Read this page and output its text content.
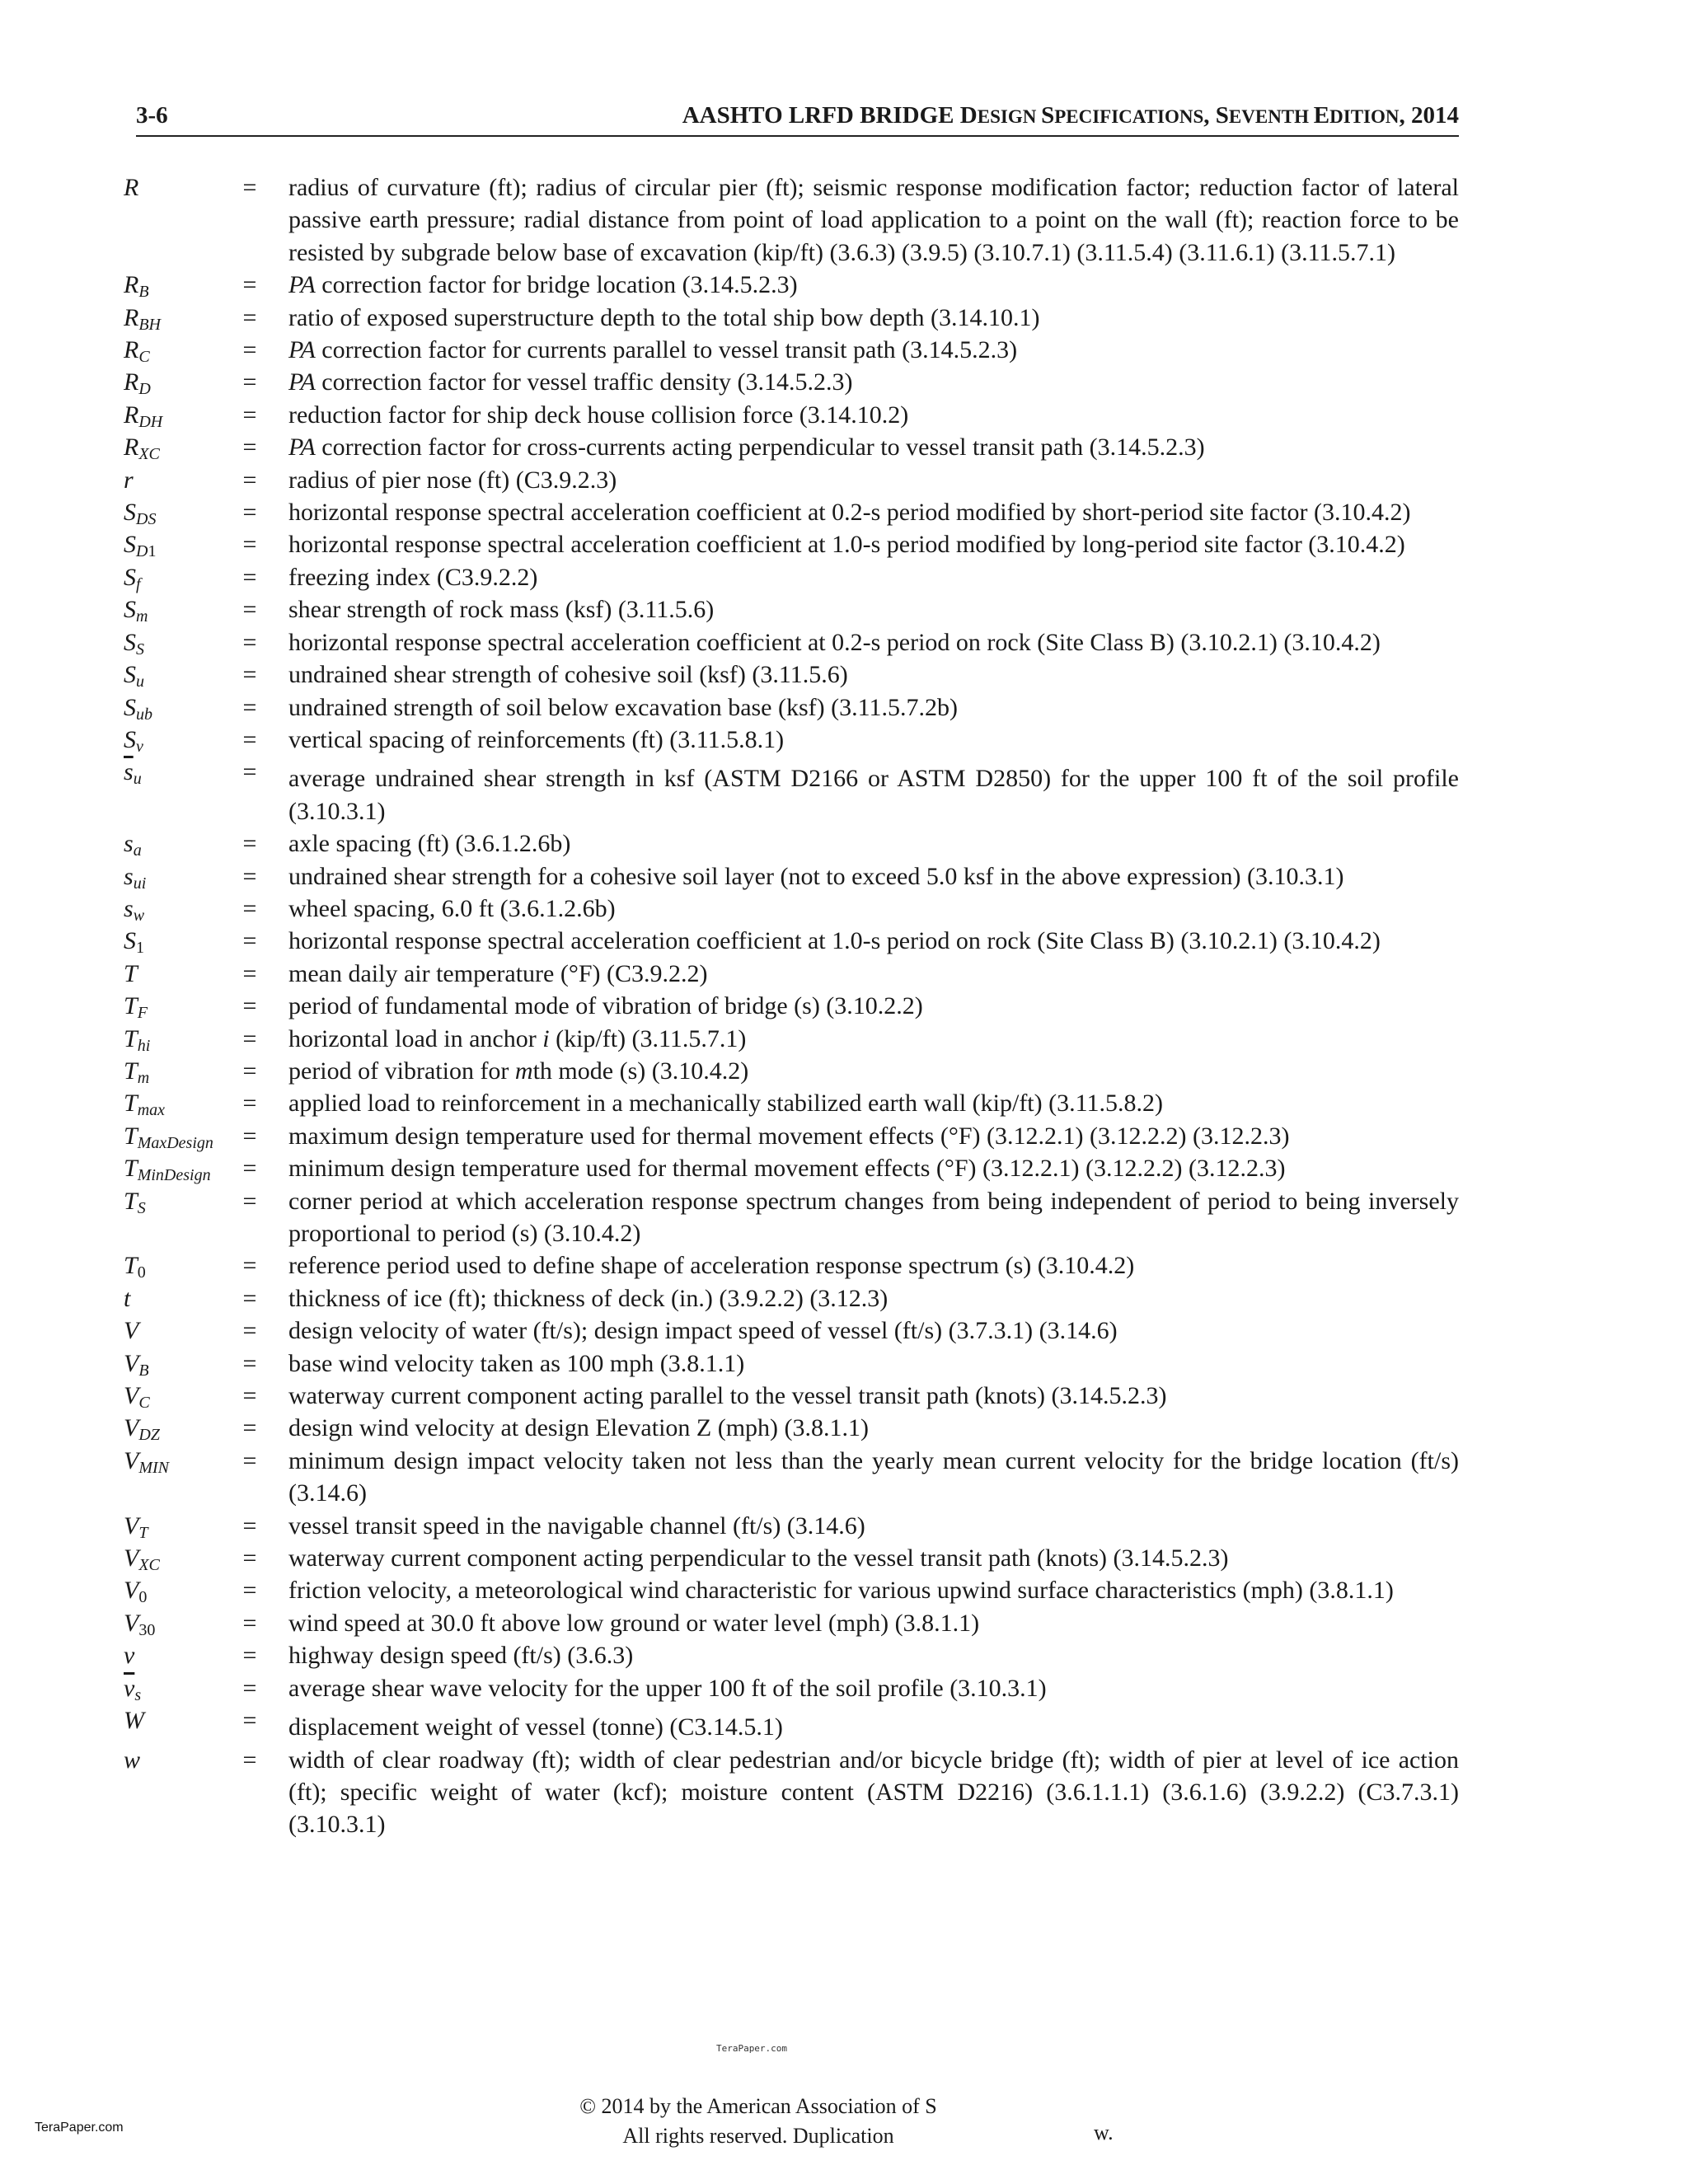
3-6	AASHTO LRFD BRIDGE DESIGN SPECIFICATIONS, SEVENTH EDITION, 2014
R	= radius of curvature (ft); radius of circular pier (ft); seismic response modification factor; reduction factor of lateral passive earth pressure; radial distance from point of load application to a point on the wall (ft); reaction force to be resisted by subgrade below base of excavation (kip/ft) (3.6.3) (3.9.5) (3.10.7.1) (3.11.5.4) (3.11.6.1) (3.11.5.7.1)
$R_B$	= PA correction factor for bridge location (3.14.5.2.3)
$R_{BH}$	= ratio of exposed superstructure depth to the total ship bow depth (3.14.10.1)
$R_C$	= PA correction factor for currents parallel to vessel transit path (3.14.5.2.3)
$R_D$	= PA correction factor for vessel traffic density (3.14.5.2.3)
$R_{DH}$	= reduction factor for ship deck house collision force (3.14.10.2)
$R_{XC}$	= PA correction factor for cross-currents acting perpendicular to vessel transit path (3.14.5.2.3)
r	= radius of pier nose (ft) (C3.9.2.3)
$S_{DS}$	= horizontal response spectral acceleration coefficient at 0.2-s period modified by short-period site factor (3.10.4.2)
$S_{D1}$	= horizontal response spectral acceleration coefficient at 1.0-s period modified by long-period site factor (3.10.4.2)
$S_f$	= freezing index (C3.9.2.2)
$S_m$	= shear strength of rock mass (ksf) (3.11.5.6)
$S_S$	= horizontal response spectral acceleration coefficient at 0.2-s period on rock (Site Class B) (3.10.2.1) (3.10.4.2)
$S_u$	= undrained shear strength of cohesive soil (ksf) (3.11.5.6)
$S_{ub}$	= undrained strength of soil below excavation base (ksf) (3.11.5.7.2b)
$S_v$	= vertical spacing of reinforcements (ft) (3.11.5.8.1)
$\overline{s}_u$	= average undrained shear strength in ksf (ASTM D2166 or ASTM D2850) for the upper 100 ft of the soil profile (3.10.3.1)
$s_a$	= axle spacing (ft) (3.6.1.2.6b)
$s_{ui}$	= undrained shear strength for a cohesive soil layer (not to exceed 5.0 ksf in the above expression) (3.10.3.1)
$s_w$	= wheel spacing, 6.0 ft (3.6.1.2.6b)
$S_1$	= horizontal response spectral acceleration coefficient at 1.0-s period on rock (Site Class B) (3.10.2.1) (3.10.4.2)
T	= mean daily air temperature (°F) (C3.9.2.2)
$T_F$	= period of fundamental mode of vibration of bridge (s) (3.10.2.2)
$T_{hi}$	= horizontal load in anchor i (kip/ft) (3.11.5.7.1)
$T_m$	= period of vibration for mth mode (s) (3.10.4.2)
$T_{max}$	= applied load to reinforcement in a mechanically stabilized earth wall (kip/ft) (3.11.5.8.2)
$T_{MaxDesign}$	= maximum design temperature used for thermal movement effects (°F) (3.12.2.1) (3.12.2.2) (3.12.2.3)
$T_{MinDesign}$	= minimum design temperature used for thermal movement effects (°F) (3.12.2.1) (3.12.2.2) (3.12.2.3)
$T_S$	= corner period at which acceleration response spectrum changes from being independent of period to being inversely proportional to period (s) (3.10.4.2)
$T_0$	= reference period used to define shape of acceleration response spectrum (s) (3.10.4.2)
t	= thickness of ice (ft); thickness of deck (in.) (3.9.2.2) (3.12.3)
V	= design velocity of water (ft/s); design impact speed of vessel (ft/s) (3.7.3.1) (3.14.6)
$V_B$	= base wind velocity taken as 100 mph (3.8.1.1)
$V_C$	= waterway current component acting parallel to the vessel transit path (knots) (3.14.5.2.3)
$V_{DZ}$	= design wind velocity at design Elevation Z (mph) (3.8.1.1)
$V_{MIN}$	= minimum design impact velocity taken not less than the yearly mean current velocity for the bridge location (ft/s) (3.14.6)
$V_T$	= vessel transit speed in the navigable channel (ft/s) (3.14.6)
$V_{XC}$	= waterway current component acting perpendicular to the vessel transit path (knots) (3.14.5.2.3)
$V_0$	= friction velocity, a meteorological wind characteristic for various upwind surface characteristics (mph) (3.8.1.1)
$V_{30}$	= wind speed at 30.0 ft above low ground or water level (mph) (3.8.1.1)
v	= highway design speed (ft/s) (3.6.3)
$\overline{v}_s$	= average shear wave velocity for the upper 100 ft of the soil profile (3.10.3.1)
W	= displacement weight of vessel (tonne) (C3.14.5.1)
w	= width of clear roadway (ft); width of clear pedestrian and/or bicycle bridge (ft); width of pier at level of ice action (ft); specific weight of water (kcf); moisture content (ASTM D2216) (3.6.1.1.1) (3.6.1.6) (3.9.2.2) (C3.7.3.1) (3.10.3.1)
TeraPaper.com
TeraPaper.com
© 2014 by the American Association of S
All rights reserved. Duplication	w.
